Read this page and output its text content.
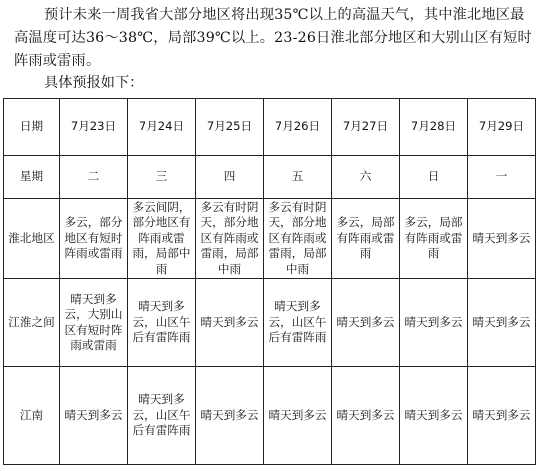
预计未来一周我省大部分地区将出现35℃以上的高温天气，其中淮北地区最高温度可达36～38℃，局部39℃以上。23-26日淮北部分地区和大别山区有短时阵雨或雷雨。

具体预报如下：
日期	7月23日	7月24日	7月25日	7月26日	7月27日	7月28日	7月29日
星期	二	三	四	五	六	日	一
淮北地区	多云，部分地区有短时阵雨或雷雨	多云间阴，部分地区有阵雨或雷雨，局部中雨	多云有时阴天，部分地区有阵雨或雷雨，局部中雨	多云有时阴天，部分地区有阵雨或雷雨，局部中雨	多云，局部有阵雨或雷雨	多云，局部有阵雨或雷雨	晴天到多云
江淮之间	晴天到多云，大别山区有短时阵雨或雷雨	晴天到多云，山区午后有雷阵雨	晴天到多云	晴天到多云，山区午后有雷阵雨	晴天到多云	晴天到多云	晴天到多云
江南	晴天到多云	晴天到多云，山区午后有雷阵雨	晴天到多云	晴天到多云	晴天到多云	晴天到多云	晴天到多云
